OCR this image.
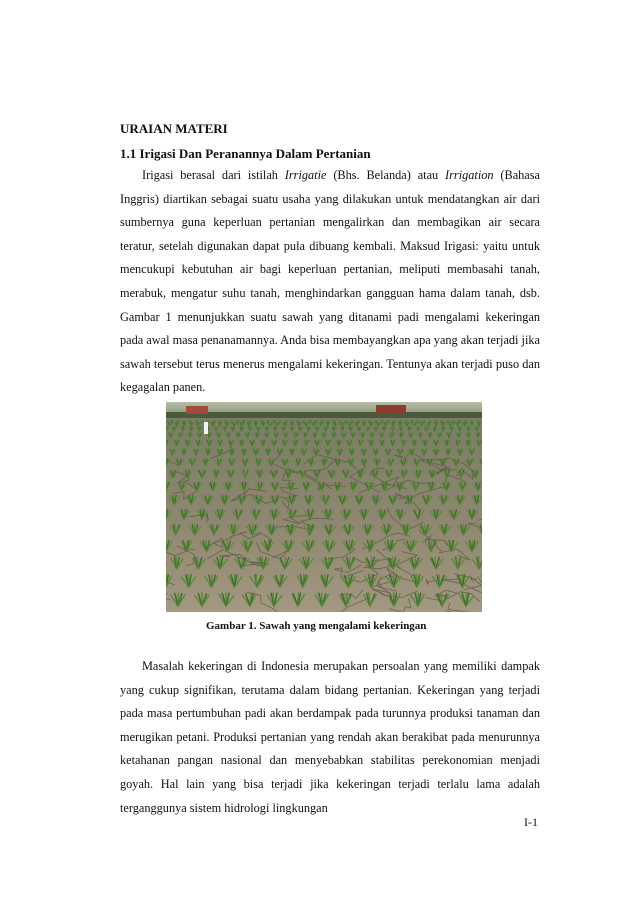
URAIAN MATERI
1.1 Irigasi Dan Peranannya Dalam Pertanian

Irigasi berasal dari istilah Irrigatie (Bhs. Belanda) atau Irrigation (Bahasa Inggris) diartikan sebagai suatu usaha yang dilakukan untuk mendatangkan air dari sumbernya guna keperluan pertanian mengalirkan dan membagikan air secara teratur, setelah digunakan dapat pula dibuang kembali. Maksud Irigasi: yaitu untuk mencukupi kebutuhan air bagi keperluan pertanian, meliputi membasahi tanah, merabuk, mengatur suhu tanah, menghindarkan gangguan hama dalam tanah, dsb. Gambar 1 menunjukkan suatu sawah yang ditanami padi mengalami kekeringan pada awal masa penanamannya. Anda bisa membayangkan apa yang akan terjadi jika sawah tersebut terus menerus mengalami kekeringan. Tentunya akan terjadi puso dan kegagalan panen.

Gambar 1. Sawah yang mengalami kekeringan

Masalah kekeringan di Indonesia merupakan persoalan yang memiliki dampak yang cukup signifikan, terutama dalam bidang pertanian. Kekeringan yang terjadi pada masa pertumbuhan padi akan berdampak pada turunnya produksi tanaman dan merugikan petani. Produksi pertanian yang rendah akan berakibat pada menurunnya ketahanan pangan nasional dan menyebabkan stabilitas perekonomian menjadi goyah. Hal lain yang bisa terjadi jika kekeringan terjadi terlalu lama adalah terganggunya sistem hidrologi lingkungan

I-1
